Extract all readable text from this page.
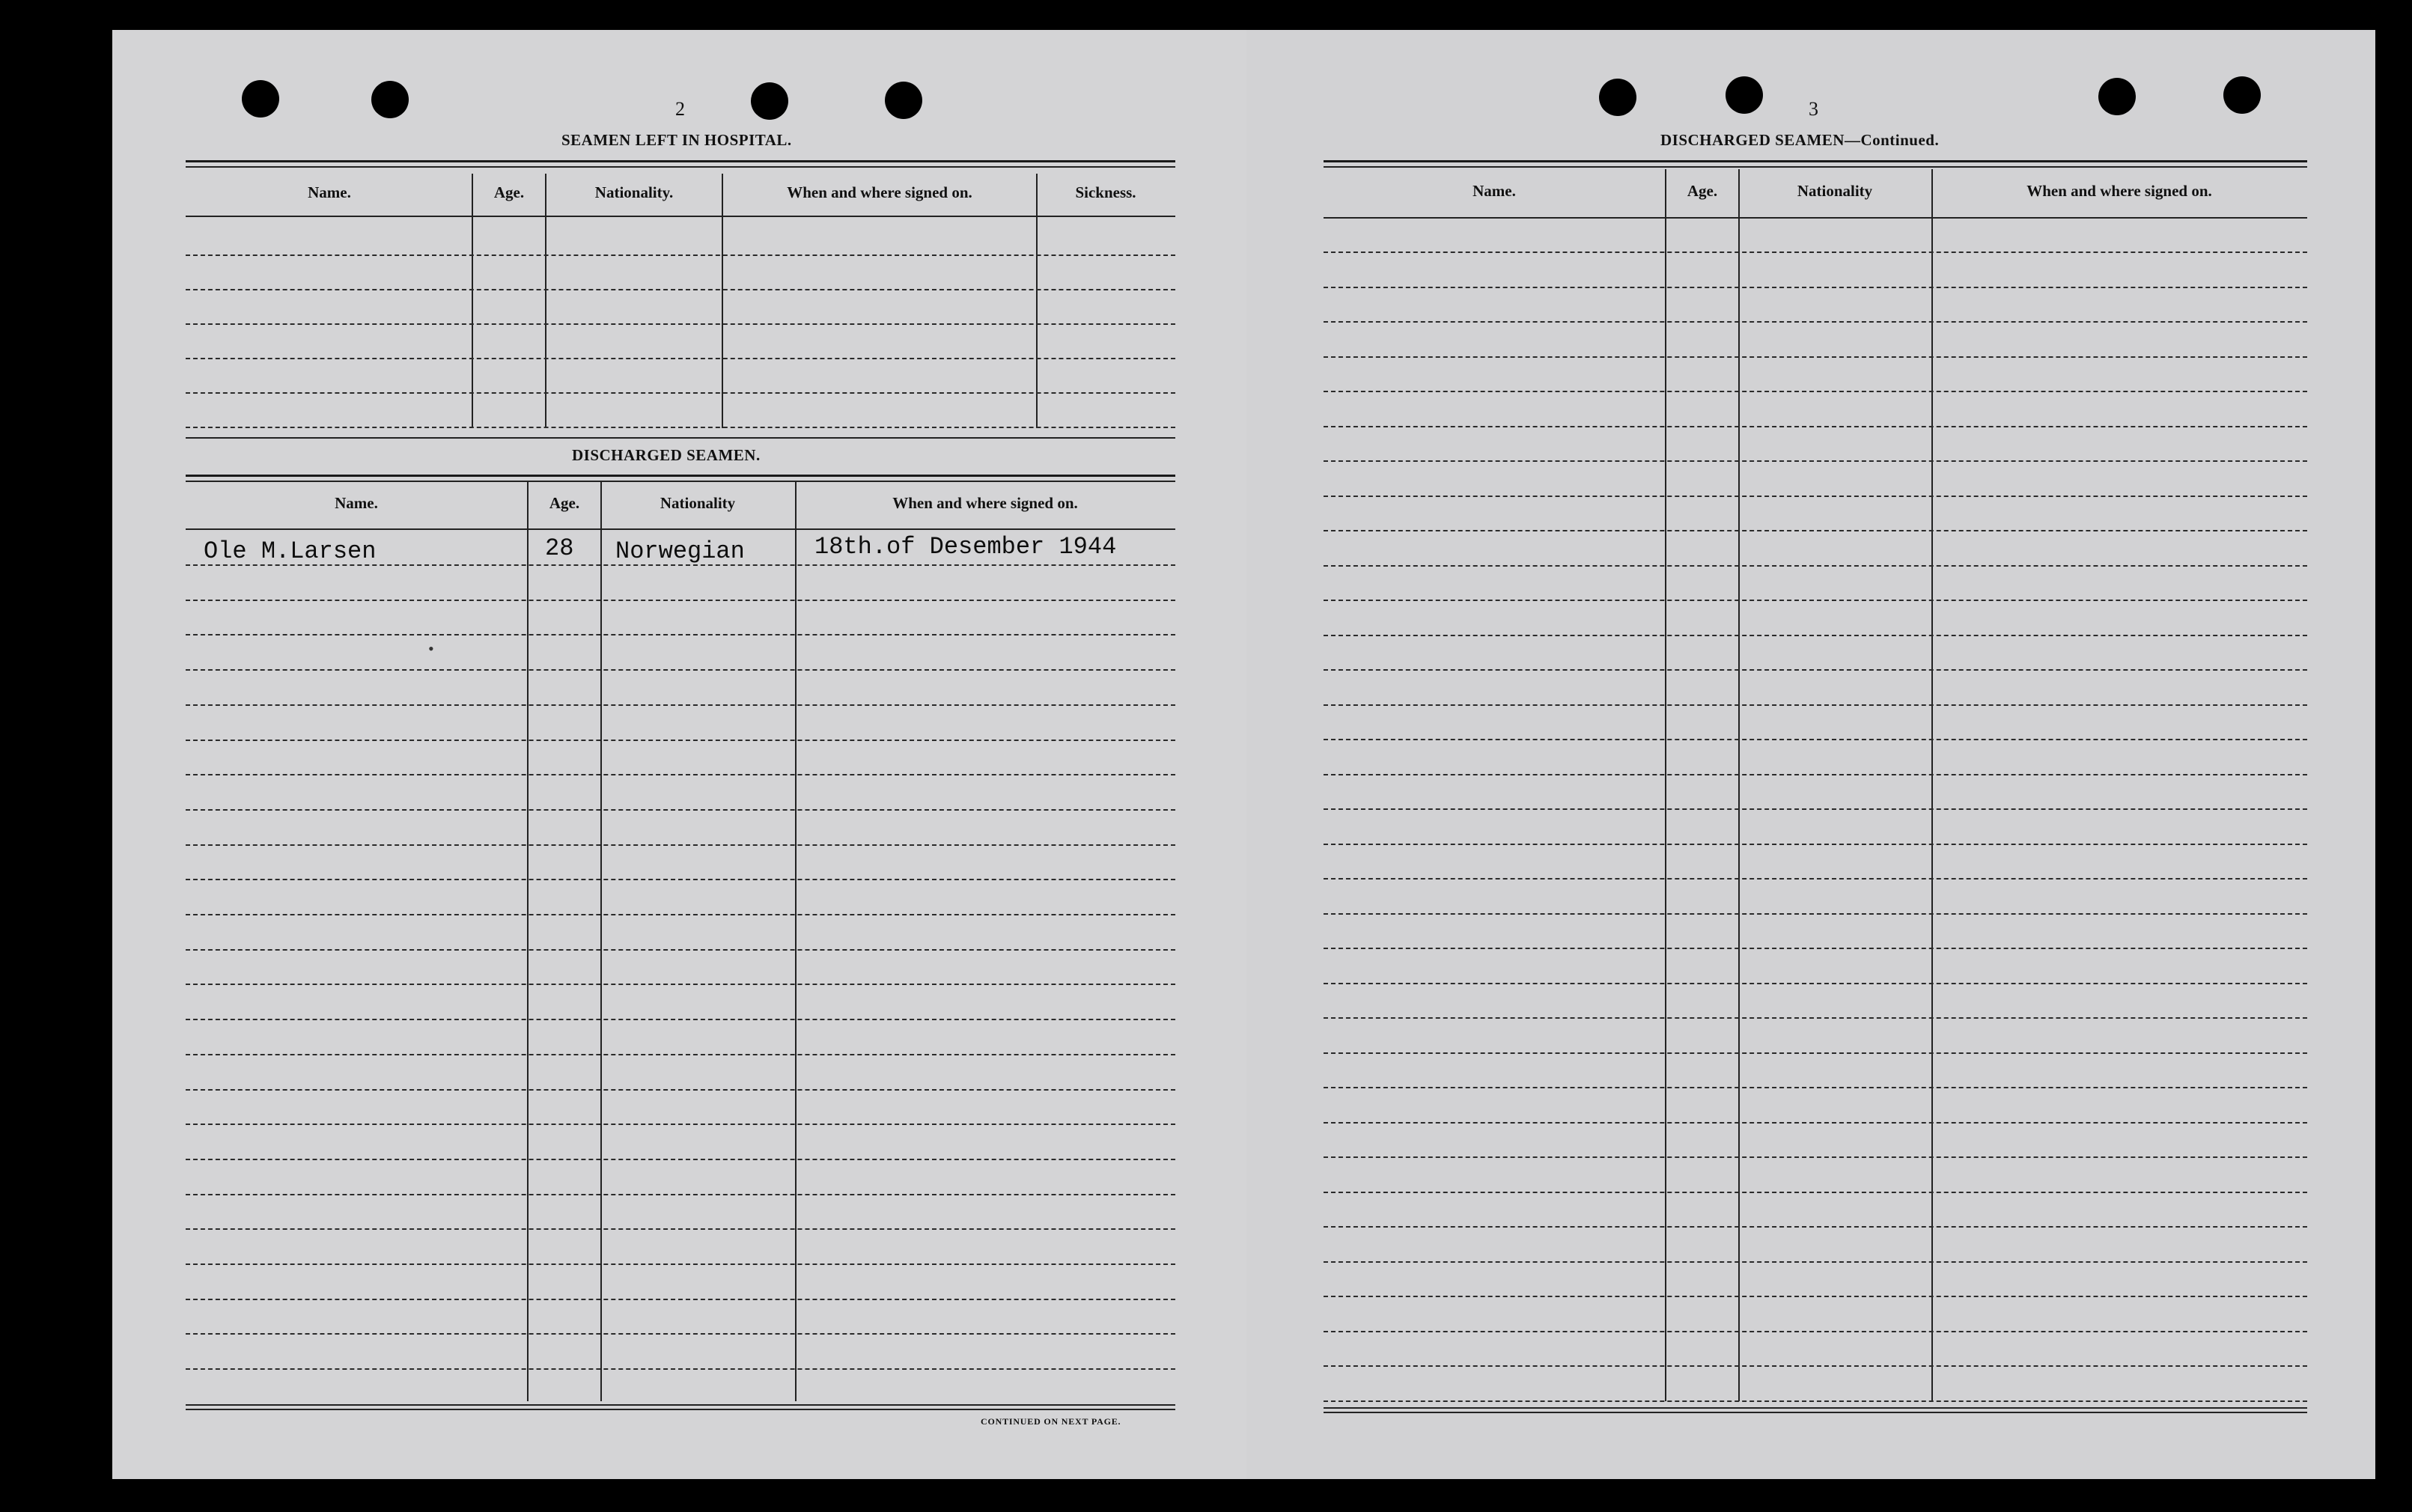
2
SEAMEN LEFT IN HOSPITAL.
Name.	Age.	Nationality.	When and where signed on.	Sickness.
DISCHARGED SEAMEN.
Name.	Age.	Nationality	When and where signed on.
Ole M.Larsen	28 Norwegian	18th.of Desember 1944
•
CONTINUED ON NEXT PAGE.
3
DISCHARGED SEAMEN—Continued.
Name.	Age.	Nationality	When and where signed on.
